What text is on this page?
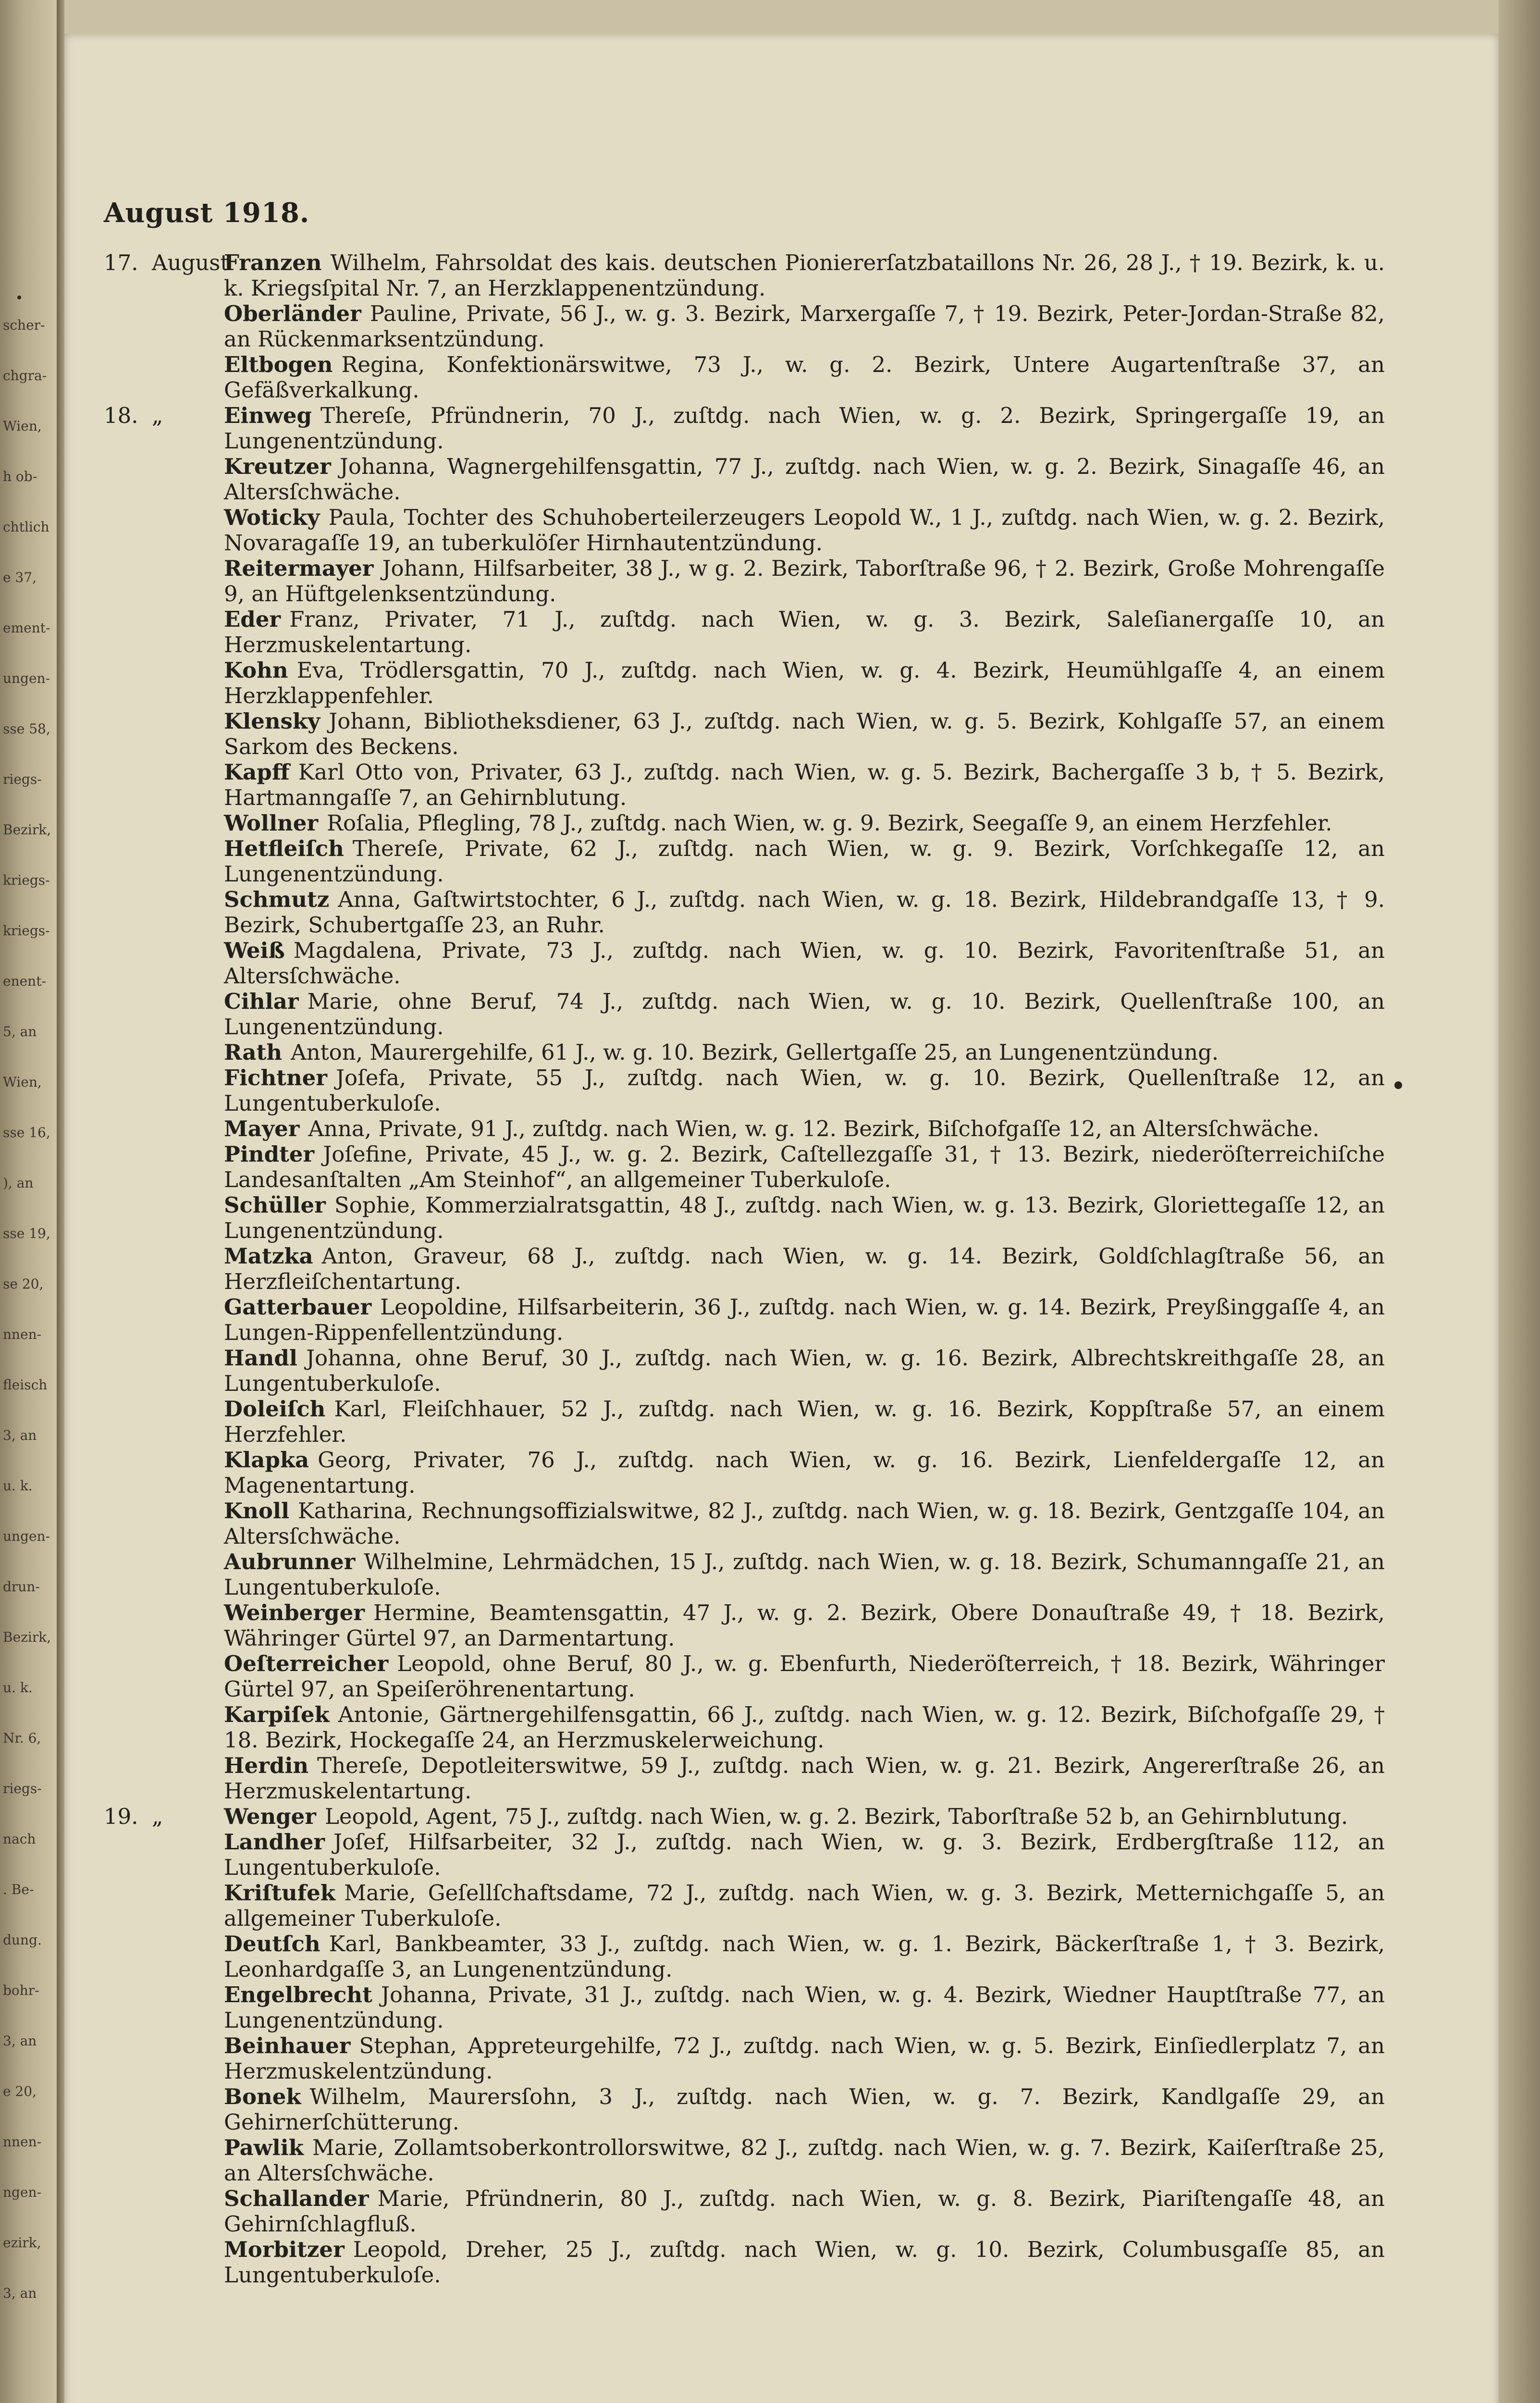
scher-
chgra-
Wien,
h ob-
chtlich
e 37,
ement-
ungen-
sse 58,
riegs-
Bezirk,
kriegs-
kriegs-
enent-
5, an
Wien,
sse 16,
), an
sse 19,
se 20,
nnen-
fleisch
3, an
u. k.
ungen-
drun-
Bezirk,
u. k.
Nr. 6,
riegs-
nach
. Be-
dung.
bohr-
3, an
e 20,
nnen-
ngen-
ezirk,
3, an
August 1918.
17. August
Franzen Wilhelm, Fahrsoldat des kais. deutschen Pioniererſatzbataillons Nr. 26, 28 J., † 19. Bezirk, k. u. k. Kriegsſpital Nr. 7, an Herzklappenentzündung.
Oberländer Pauline, Private, 56 J., w. g. 3. Bezirk, Marxergaſſe 7, † 19. Bezirk, Peter-Jordan-Straße 82, an Rückenmarksentzündung.
Eltbogen Regina, Konfektionärswitwe, 73 J., w. g. 2. Bezirk, Untere Augartenſtraße 37, an Gefäßverkalkung.
18. „	Einweg Thereſe, Pfründnerin, 70 J., zuſtdg. nach Wien, w. g. 2. Bezirk, Springergaſſe 19, an Lungenentzündung.
Kreutzer Johanna, Wagnergehilfensgattin, 77 J., zuſtdg. nach Wien, w. g. 2. Bezirk, Sinagaſſe 46, an Altersſchwäche.
Woticky Paula, Tochter des Schuhoberteilerzeugers Leopold W., 1 J., zuſtdg. nach Wien, w. g. 2. Bezirk, Novaragaſſe 19, an tuberkulöſer Hirnhautentzündung.
Reitermayer Johann, Hilfsarbeiter, 38 J., w g. 2. Bezirk, Taborſtraße 96, † 2. Bezirk, Große Mohrengaſſe 9, an Hüftgelenksentzündung.
Eder Franz, Privater, 71 J., zuſtdg. nach Wien, w. g. 3. Bezirk, Saleſianergaſſe 10, an Herzmuskelentartung.
Kohn Eva, Trödlersgattin, 70 J., zuſtdg. nach Wien, w. g. 4. Bezirk, Heumühlgaſſe 4, an einem Herzklappenfehler.
Klensky Johann, Bibliotheksdiener, 63 J., zuſtdg. nach Wien, w. g. 5. Bezirk, Kohlgaſſe 57, an einem Sarkom des Beckens.
Kapff Karl Otto von, Privater, 63 J., zuſtdg. nach Wien, w. g. 5. Bezirk, Bachergaſſe 3 b, † 5. Bezirk, Hartmanngaſſe 7, an Gehirnblutung.
Wollner Roſalia, Pflegling, 78 J., zuſtdg. nach Wien, w. g. 9. Bezirk, Seegaſſe 9, an einem Herzfehler.
Hetfleiſch Thereſe, Private, 62 J., zuſtdg. nach Wien, w. g. 9. Bezirk, Vorſchkegaſſe 12, an Lungenentzündung.
Schmutz Anna, Gaſtwirtstochter, 6 J., zuſtdg. nach Wien, w. g. 18. Bezirk, Hildebrandgaſſe 13, † 9. Bezirk, Schubertgaſſe 23, an Ruhr.
Weiß Magdalena, Private, 73 J., zuſtdg. nach Wien, w. g. 10. Bezirk, Favoritenſtraße 51, an Altersſchwäche.
Cihlar Marie, ohne Beruf, 74 J., zuſtdg. nach Wien, w. g. 10. Bezirk, Quellenſtraße 100, an Lungenentzündung.
Rath Anton, Maurergehilfe, 61 J., w. g. 10. Bezirk, Gellertgaſſe 25, an Lungenentzündung.
Fichtner Joſefa, Private, 55 J., zuſtdg. nach Wien, w. g. 10. Bezirk, Quellenſtraße 12, an Lungentuberkuloſe.
Mayer Anna, Private, 91 J., zuſtdg. nach Wien, w. g. 12. Bezirk, Biſchofgaſſe 12, an Altersſchwäche.
Pindter Joſefine, Private, 45 J., w. g. 2. Bezirk, Caſtellezgaſſe 31, † 13. Bezirk, niederöſterreichiſche Landesanſtalten „Am Steinhof“, an allgemeiner Tuberkuloſe.
Schüller Sophie, Kommerzialratsgattin, 48 J., zuſtdg. nach Wien, w. g. 13. Bezirk, Gloriettegaſſe 12, an Lungenentzündung.
Matzka Anton, Graveur, 68 J., zuſtdg. nach Wien, w. g. 14. Bezirk, Goldſchlagſtraße 56, an Herzfleiſchentartung.
Gatterbauer Leopoldine, Hilfsarbeiterin, 36 J., zuſtdg. nach Wien, w. g. 14. Bezirk, Preyßinggaſſe 4, an Lungen-Rippenfellentzündung.
Handl Johanna, ohne Beruf, 30 J., zuſtdg. nach Wien, w. g. 16. Bezirk, Albrechtskreithgaſſe 28, an Lungentuberkuloſe.
Doleiſch Karl, Fleiſchhauer, 52 J., zuſtdg. nach Wien, w. g. 16. Bezirk, Koppſtraße 57, an einem Herzfehler.
Klapka Georg, Privater, 76 J., zuſtdg. nach Wien, w. g. 16. Bezirk, Lienfeldergaſſe 12, an Magenentartung.
Knoll Katharina, Rechnungsoffizialswitwe, 82 J., zuſtdg. nach Wien, w. g. 18. Bezirk, Gentzgaſſe 104, an Altersſchwäche.
Aubrunner Wilhelmine, Lehrmädchen, 15 J., zuſtdg. nach Wien, w. g. 18. Bezirk, Schumanngaſſe 21, an Lungentuberkuloſe.
Weinberger Hermine, Beamtensgattin, 47 J., w. g. 2. Bezirk, Obere Donauſtraße 49, † 18. Bezirk, Währinger Gürtel 97, an Darmentartung.
Oeſterreicher Leopold, ohne Beruf, 80 J., w. g. Ebenfurth, Niederöſterreich, † 18. Bezirk, Währinger Gürtel 97, an Speiſeröhrenentartung.
Karpiſek Antonie, Gärtnergehilfensgattin, 66 J., zuſtdg. nach Wien, w. g. 12. Bezirk, Biſchofgaſſe 29, † 18. Bezirk, Hockegaſſe 24, an Herzmuskelerweichung.
Herdin Thereſe, Depotleiterswitwe, 59 J., zuſtdg. nach Wien, w. g. 21. Bezirk, Angererſtraße 26, an Herzmuskelentartung.
19. „	Wenger Leopold, Agent, 75 J., zuſtdg. nach Wien, w. g. 2. Bezirk, Taborſtraße 52 b, an Gehirnblutung.
Landher Joſef, Hilfsarbeiter, 32 J., zuſtdg. nach Wien, w. g. 3. Bezirk, Erdbergſtraße 112, an Lungentuberkuloſe.
Kriſtufek Marie, Geſellſchaftsdame, 72 J., zuſtdg. nach Wien, w. g. 3. Bezirk, Metternichgaſſe 5, an allgemeiner Tuberkuloſe.
Deutſch Karl, Bankbeamter, 33 J., zuſtdg. nach Wien, w. g. 1. Bezirk, Bäckerſtraße 1, † 3. Bezirk, Leonhardgaſſe 3, an Lungenentzündung.
Engelbrecht Johanna, Private, 31 J., zuſtdg. nach Wien, w. g. 4. Bezirk, Wiedner Hauptſtraße 77, an Lungenentzündung.
Beinhauer Stephan, Appreteurgehilfe, 72 J., zuſtdg. nach Wien, w. g. 5. Bezirk, Einſiedlerplatz 7, an Herzmuskelentzündung.
Bonek Wilhelm, Maurersſohn, 3 J., zuſtdg. nach Wien, w. g. 7. Bezirk, Kandlgaſſe 29, an Gehirnerſchütterung.
Pawlik Marie, Zollamtsoberkontrollorswitwe, 82 J., zuſtdg. nach Wien, w. g. 7. Bezirk, Kaiſerſtraße 25, an Altersſchwäche.
Schallander Marie, Pfründnerin, 80 J., zuſtdg. nach Wien, w. g. 8. Bezirk, Piariſtengaſſe 48, an Gehirnſchlagfluß.
Morbitzer Leopold, Dreher, 25 J., zuſtdg. nach Wien, w. g. 10. Bezirk, Columbusgaſſe 85, an Lungentuberkuloſe.
